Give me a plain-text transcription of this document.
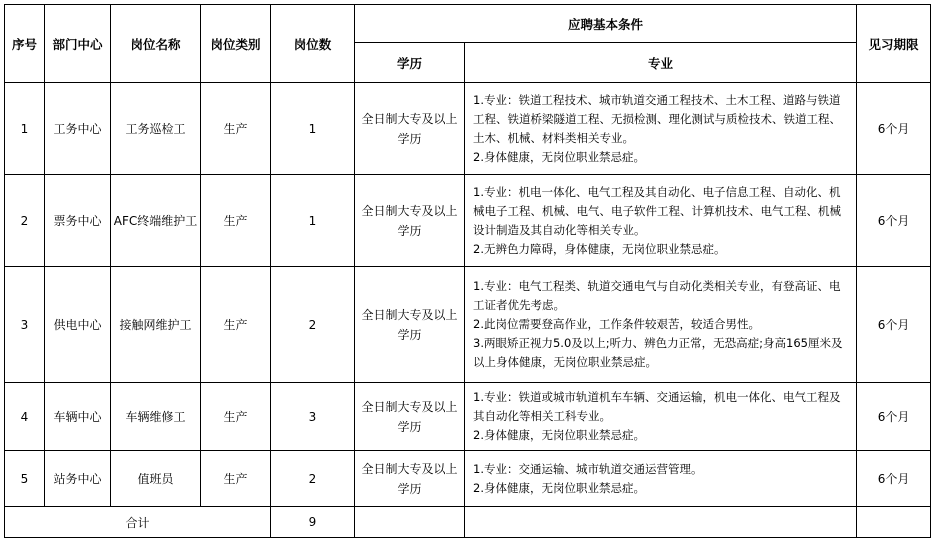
序号	部门中心	岗位名称	岗位类别	岗位数	应聘基本条件		见习期限
					学历	专业	
1	工务中心	工务巡检工	生产	1	全日制大专及以上学历	1.专业：铁道工程技术、城市轨道交通工程技术、土木工程、道路与铁道工程、铁道桥梁隧道工程、无损检测、理化测试与质检技术、铁道工程、土木、机械、材料类相关专业。
2.身体健康，无岗位职业禁忌症。	6个月
2	票务中心	AFC终端维护工	生产	1	全日制大专及以上学历	1.专业：机电一体化、电气工程及其自动化、电子信息工程、自动化、机械电子工程、机械、电气、电子软件工程、计算机技术、电气工程、机械设计制造及其自动化等相关专业。
2.无辨色力障碍，身体健康，无岗位职业禁忌症。	6个月
3	供电中心	接触网维护工	生产	2	全日制大专及以上学历	1.专业：电气工程类、轨道交通电气与自动化类相关专业，有登高证、电工证者优先考虑。
2.此岗位需要登高作业，工作条件较艰苦，较适合男性。
3.两眼矫正视力5.0及以上;听力、辨色力正常，无恐高症;身高165厘米及以上身体健康，无岗位职业禁忌症。	6个月
4	车辆中心	车辆维修工	生产	3	全日制大专及以上学历	1.专业：铁道或城市轨道机车车辆、交通运输，机电一体化、电气工程及其自动化等相关工科专业。
2.身体健康，无岗位职业禁忌症。	6个月
5	站务中心	值班员	生产	2	全日制大专及以上学历	1.专业：交通运输、城市轨道交通运营管理。
2.身体健康，无岗位职业禁忌症。	6个月
合计				9			
